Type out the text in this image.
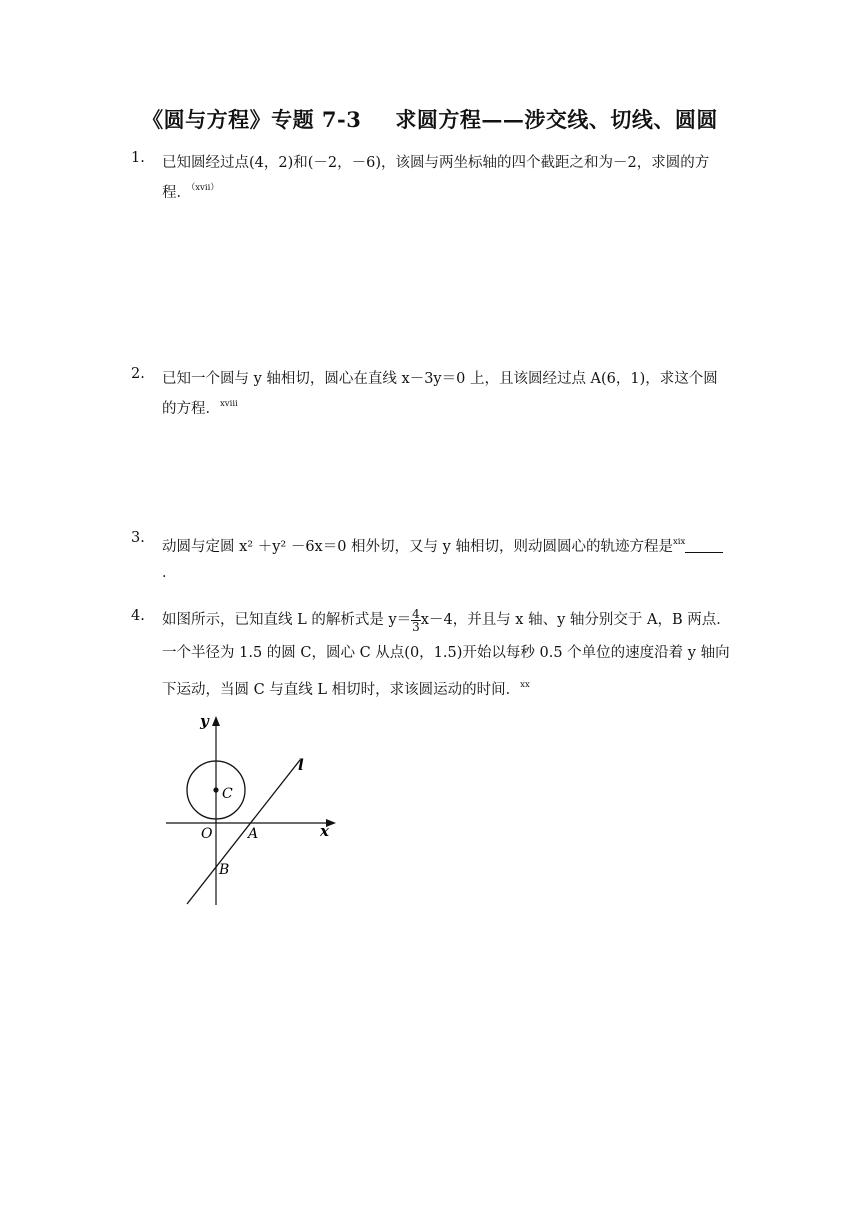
《圆与方程》专题 7-3 求圆方程——涉交线、切线、圆圆
1.	已知圆经过点(4，2)和(－2，－6)，该圆与两坐标轴的四个截距之和为－2，求圆的方程．$^{(xvii)}$
2.	已知一个圆与 y 轴相切，圆心在直线 x－3y＝0 上，且该圆经过点 A(6，1)，求这个圆的方程．$^{xviii}$
3.
动圆与定圆 x² ＋y² －6x＝0 相外切，又与 y 轴相切，则动圆圆心的轨迹方程是$^{xix}$．
4.	如图所示，已知直线 L 的解析式是 $y= \frac{4}{3} x-4$，并且与 x 轴、y 轴分别交于 A，B 两点．一个半径为 1.5 的圆 C，圆心 C 从点(0，1.5)开始以每秒 0.5 个单位的速度沿着 y 轴向下运动，当圆 C 与直线 L 相切时，求该圆运动的时间．$^{xx}$
y
x
l
C
O	A
B
